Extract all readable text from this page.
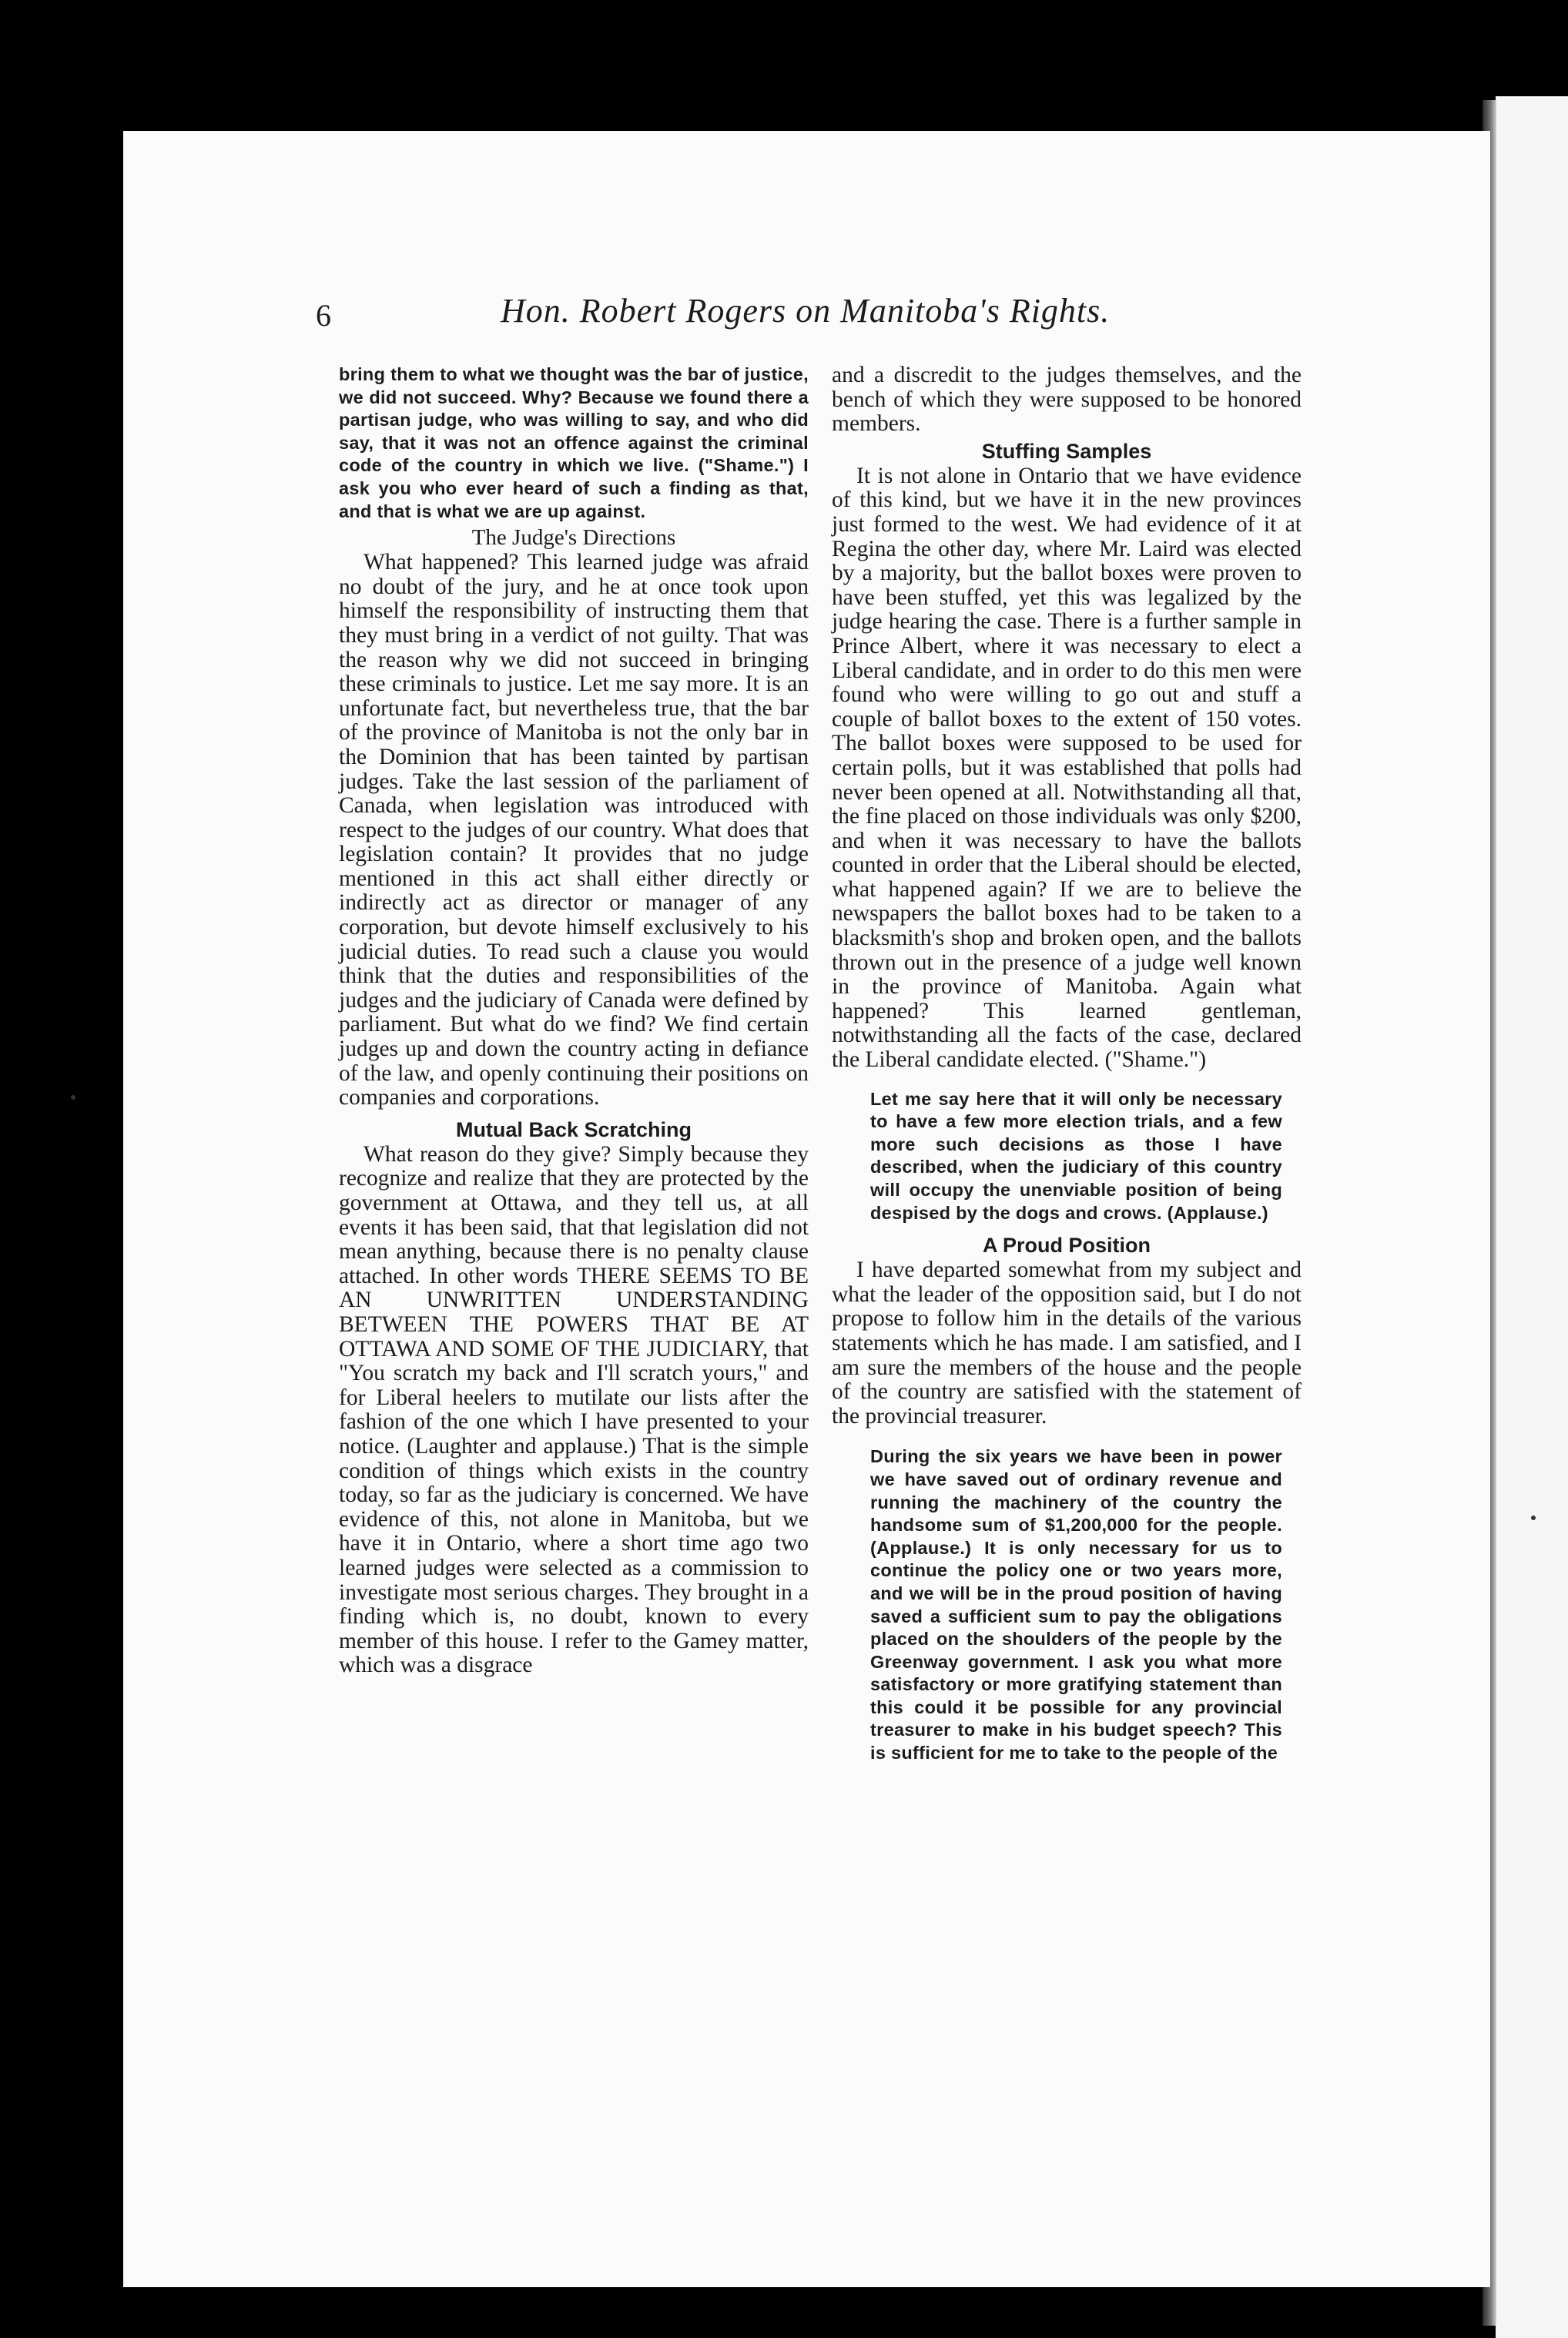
6	Hon. Robert Rogers on Manitoba's Rights.

bring them to what we thought was the bar of justice, we did not succeed. Why? Because we found there a partisan judge, who was willing to say, and who did say, that it was not an offence against the criminal code of the country in which we live. ("Shame.") I ask you who ever heard of such a finding as that, and that is what we are up against.

The Judge's Directions

What happened? This learned judge was afraid no doubt of the jury, and he at once took upon himself the responsibility of instructing them that they must bring in a verdict of not guilty. That was the reason why we did not succeed in bringing these criminals to justice. Let me say more. It is an unfortunate fact, but nevertheless true, that the bar of the province of Manitoba is not the only bar in the Dominion that has been tainted by partisan judges. Take the last session of the parliament of Canada, when legislation was introduced with respect to the judges of our country. What does that legislation contain? It provides that no judge mentioned in this act shall either directly or indirectly act as director or manager of any corporation, but devote himself exclusively to his judicial duties. To read such a clause you would think that the duties and responsibilities of the judges and the judiciary of Canada were defined by parliament. But what do we find? We find certain judges up and down the country acting in defiance of the law, and openly continuing their positions on companies and corporations.

Mutual Back Scratching

What reason do they give? Simply because they recognize and realize that they are protected by the government at Ottawa, and they tell us, at all events it has been said, that that legislation did not mean anything, because there is no penalty clause attached. In other words THERE SEEMS TO BE AN UNWRITTEN UNDERSTANDING BETWEEN THE POWERS THAT BE AT OTTAWA AND SOME OF THE JUDICIARY, that "You scratch my back and I'll scratch yours," and for Liberal heelers to mutilate our lists after the fashion of the one which I have presented to your notice. (Laughter and applause.) That is the simple condition of things which exists in the country today, so far as the judiciary is concerned. We have evidence of this, not alone in Manitoba, but we have it in Ontario, where a short time ago two learned judges were selected as a commission to investigate most serious charges. They brought in a finding which is, no doubt, known to every member of this house. I refer to the Gamey matter, which was a disgrace

and a discredit to the judges themselves, and the bench of which they were supposed to be honored members.

Stuffing Samples

It is not alone in Ontario that we have evidence of this kind, but we have it in the new provinces just formed to the west. We had evidence of it at Regina the other day, where Mr. Laird was elected by a majority, but the ballot boxes were proven to have been stuffed, yet this was legalized by the judge hearing the case. There is a further sample in Prince Albert, where it was necessary to elect a Liberal candidate, and in order to do this men were found who were willing to go out and stuff a couple of ballot boxes to the extent of 150 votes. The ballot boxes were supposed to be used for certain polls, but it was established that polls had never been opened at all. Notwithstanding all that, the fine placed on those individuals was only $200, and when it was necessary to have the ballots counted in order that the Liberal should be elected, what happened again? If we are to believe the newspapers the ballot boxes had to be taken to a blacksmith's shop and broken open, and the ballots thrown out in the presence of a judge well known in the province of Manitoba. Again what happened? This learned gentleman, notwithstanding all the facts of the case, declared the Liberal candidate elected. ("Shame.")

Let me say here that it will only be necessary to have a few more election trials, and a few more such decisions as those I have described, when the judiciary of this country will occupy the unenviable position of being despised by the dogs and crows. (Applause.)

A Proud Position

I have departed somewhat from my subject and what the leader of the opposition said, but I do not propose to follow him in the details of the various statements which he has made. I am satisfied, and I am sure the members of the house and the people of the country are satisfied with the statement of the provincial treasurer.

During the six years we have been in power we have saved out of ordinary revenue and running the machinery of the country the handsome sum of $1,200,000 for the people. (Applause.) It is only necessary for us to continue the policy one or two years more, and we will be in the proud position of having saved a sufficient sum to pay the obligations placed on the shoulders of the people by the Greenway government. I ask you what more satisfactory or more gratifying statement than this could it be possible for any provincial treasurer to make in his budget speech? This is sufficient for me to take to the people of the
